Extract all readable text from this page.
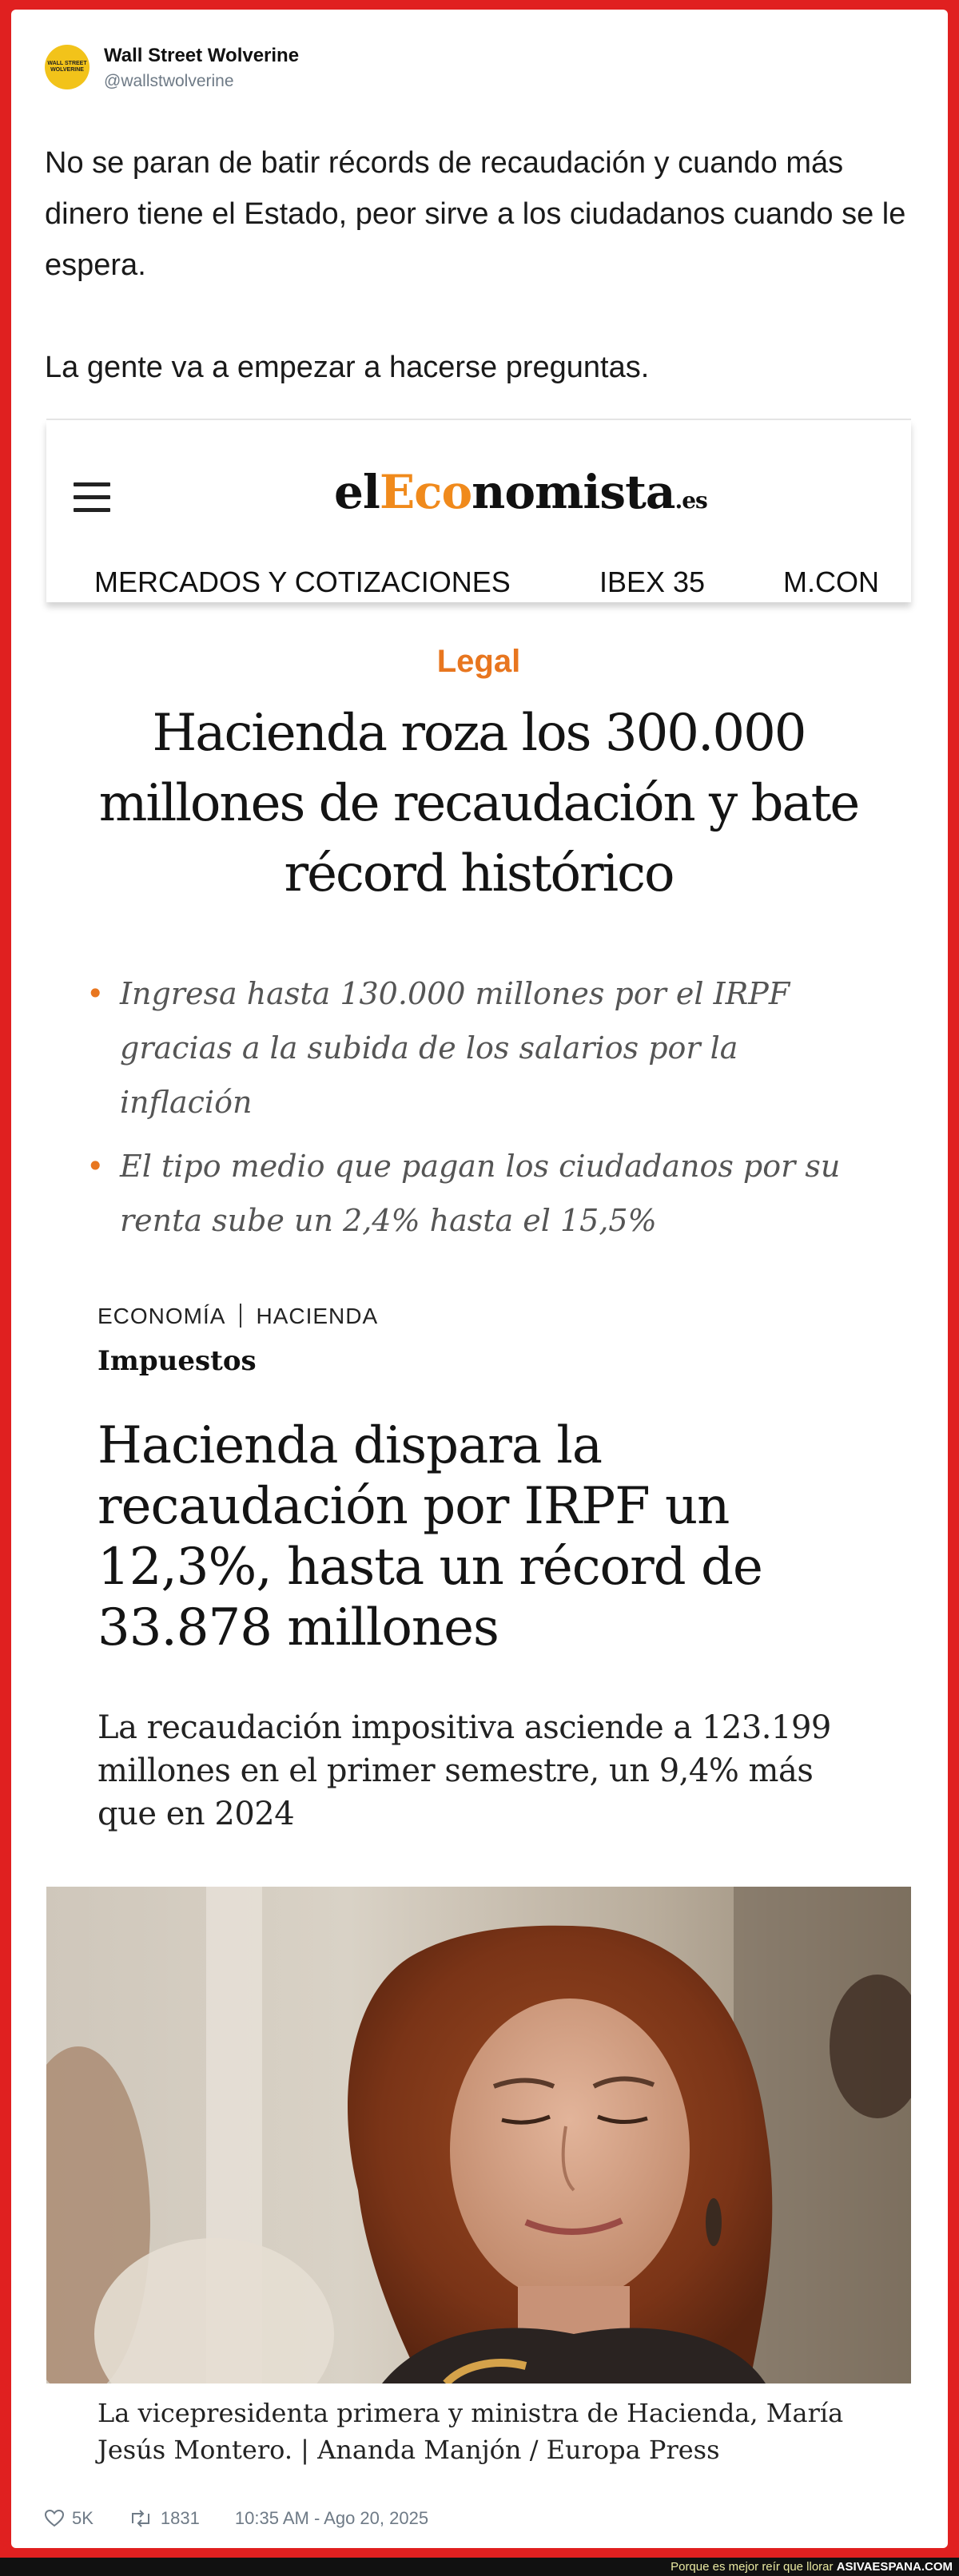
WALL STREET
WOLVERINE
Wall Street Wolverine
@wallstwolverine

No se paran de batir récords de recaudación y cuando más dinero tiene el Estado, peor sirve a los ciudadanos cuando se le espera.

La gente va a empezar a hacerse preguntas.

elEconomista.es
MERCADOS Y COTIZACIONES	IBEX 35	M.CON
Legal
Hacienda roza los 300.000 millones de recaudación y bate récord histórico
• Ingresa hasta 130.000 millones por el IRPF gracias a la subida de los salarios por la inflación
• El tipo medio que pagan los ciudadanos por su renta sube un 2,4% hasta el 15,5%
ECONOMÍA HACIENDA
Impuestos
Hacienda dispara la recaudación por IRPF un 12,3%, hasta un récord de 33.878 millones
La recaudación impositiva asciende a 123.199 millones en el primer semestre, un 9,4% más que en 2024
La vicepresidenta primera y ministra de Hacienda, María Jesús Montero. | Ananda Manjón / Europa Press
5K	1831 10:35 AM - Ago 20, 2025
Porque es mejor reír que llorar ASIVAESPANA.COM
